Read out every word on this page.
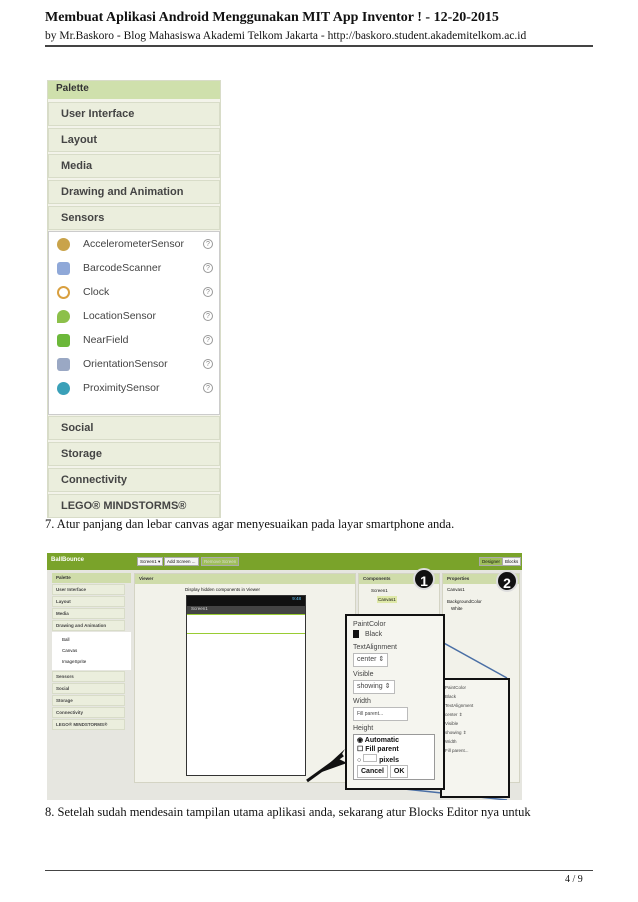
Membuat Aplikasi Android Menggunakan MIT App Inventor ! - 12-20-2015
by Mr.Baskoro - Blog Mahasiswa Akademi Telkom Jakarta - http://baskoro.student.akademitelkom.ac.id
Palette
User Interface
Layout
Media
Drawing and Animation
Sensors
AccelerometerSensor	?
BarcodeScanner	?
Clock	?
LocationSensor	?
NearField	?
OrientationSensor	?
ProximitySensor	?
Social
Storage
Connectivity
LEGO® MINDSTORMS®
7. Atur panjang dan lebar canvas agar menyesuaikan pada layar smartphone anda.
BallBounce	Screen1 ▾	Add Screen ...	Remove Screen	Designer	Blocks
Palette
User Interface
Layout
Media
Drawing and Animation
Ball
Canvas
ImageSprite
Sensors
Social
Storage
Connectivity
LEGO® MINDSTORMS®
Viewer
Display hidden components in Viewer
9:48
Screen1
Components
Screen1
Canvas1
Properties
Canvas1
BackgroundColor
White
PaintColor
Black
TextAlignment
center ⇕
Visible
showing ⇕
Width
Fill parent...
PaintColor
Black
TextAlignment
center ⇕
Visible
showing ⇕
Width
Fill parent...
Height
◉ Automatic
☐ Fill parent
○  pixels
Cancel OK
1	2
8. Setelah sudah mendesain tampilan utama aplikasi anda, sekarang atur Blocks Editor nya untuk
4 / 9
